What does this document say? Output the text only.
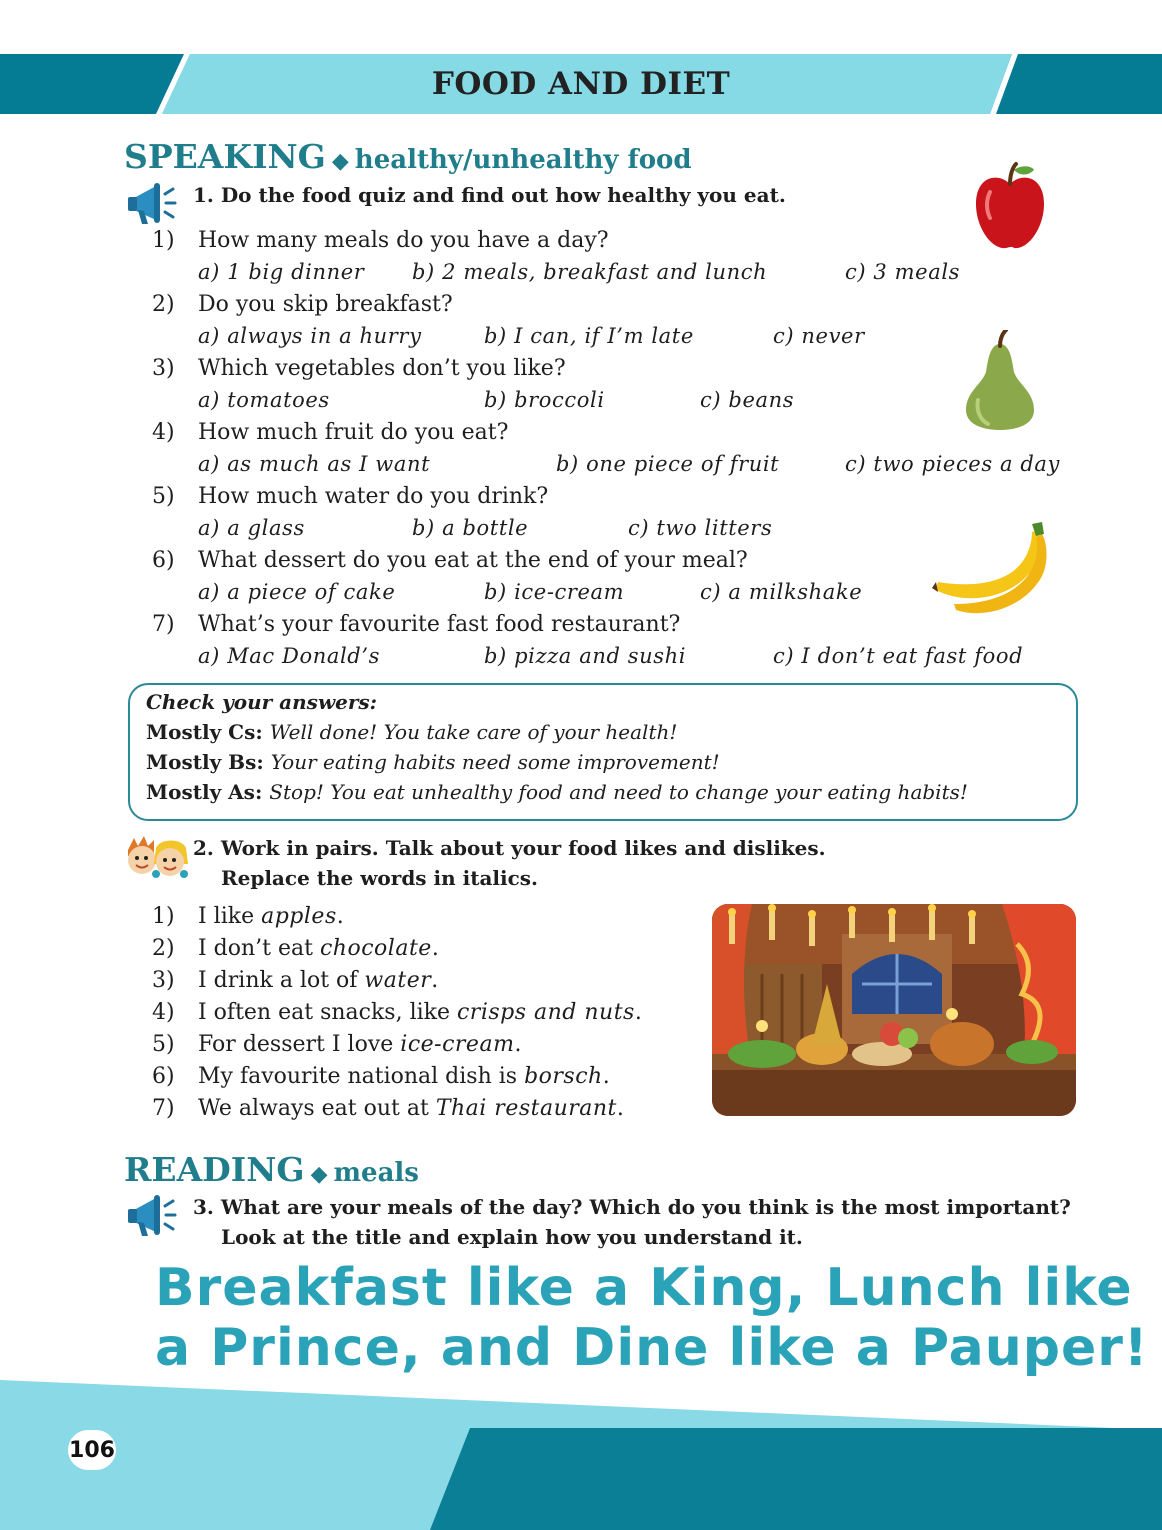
FOOD AND DIET
SPEAKING ◆ healthy/unhealthy food
1. Do the food quiz and find out how healthy you eat.
1) How many meals do you have a day?
a) 1 big dinner b) 2 meals, breakfast and lunch	c) 3 meals
2) Do you skip breakfast?
a) always in a hurry	b) I can, if I’m late	c) never
3) Which vegetables don’t you like?
a) tomatoes	b) broccoli	c) beans
4) How much fruit do you eat?
a) as much as I want	b) one piece of fruit	c) two pieces a day
5) How much water do you drink?
a) a glass	b) a bottle	c) two litters
6) What dessert do you eat at the end of your meal?
a) a piece of cake	b) ice-cream	c) a milkshake
7) What’s your favourite fast food restaurant?
a) Mac Donald’s	b) pizza and sushi	c) I don’t eat fast food
Check your answers:
Mostly Cs: Well done! You take care of your health!
Mostly Bs: Your eating habits need some improvement!
Mostly As: Stop! You eat unhealthy food and need to change your eating habits!
2. Work in pairs. Talk about your food likes and dislikes.
Replace the words in italics.
1) I like apples.
2) I don’t eat chocolate.
3) I drink a lot of water.
4) I often eat snacks, like crisps and nuts.
5) For dessert I love ice-cream.
6) My favourite national dish is borsch.
7) We always eat out at Thai restaurant.
READING ◆ meals
3. What are your meals of the day? Which do you think is the most important?
Look at the title and explain how you understand it.
Breakfast like a King, Lunch like
a Prince, and Dine like a Pauper!
106
